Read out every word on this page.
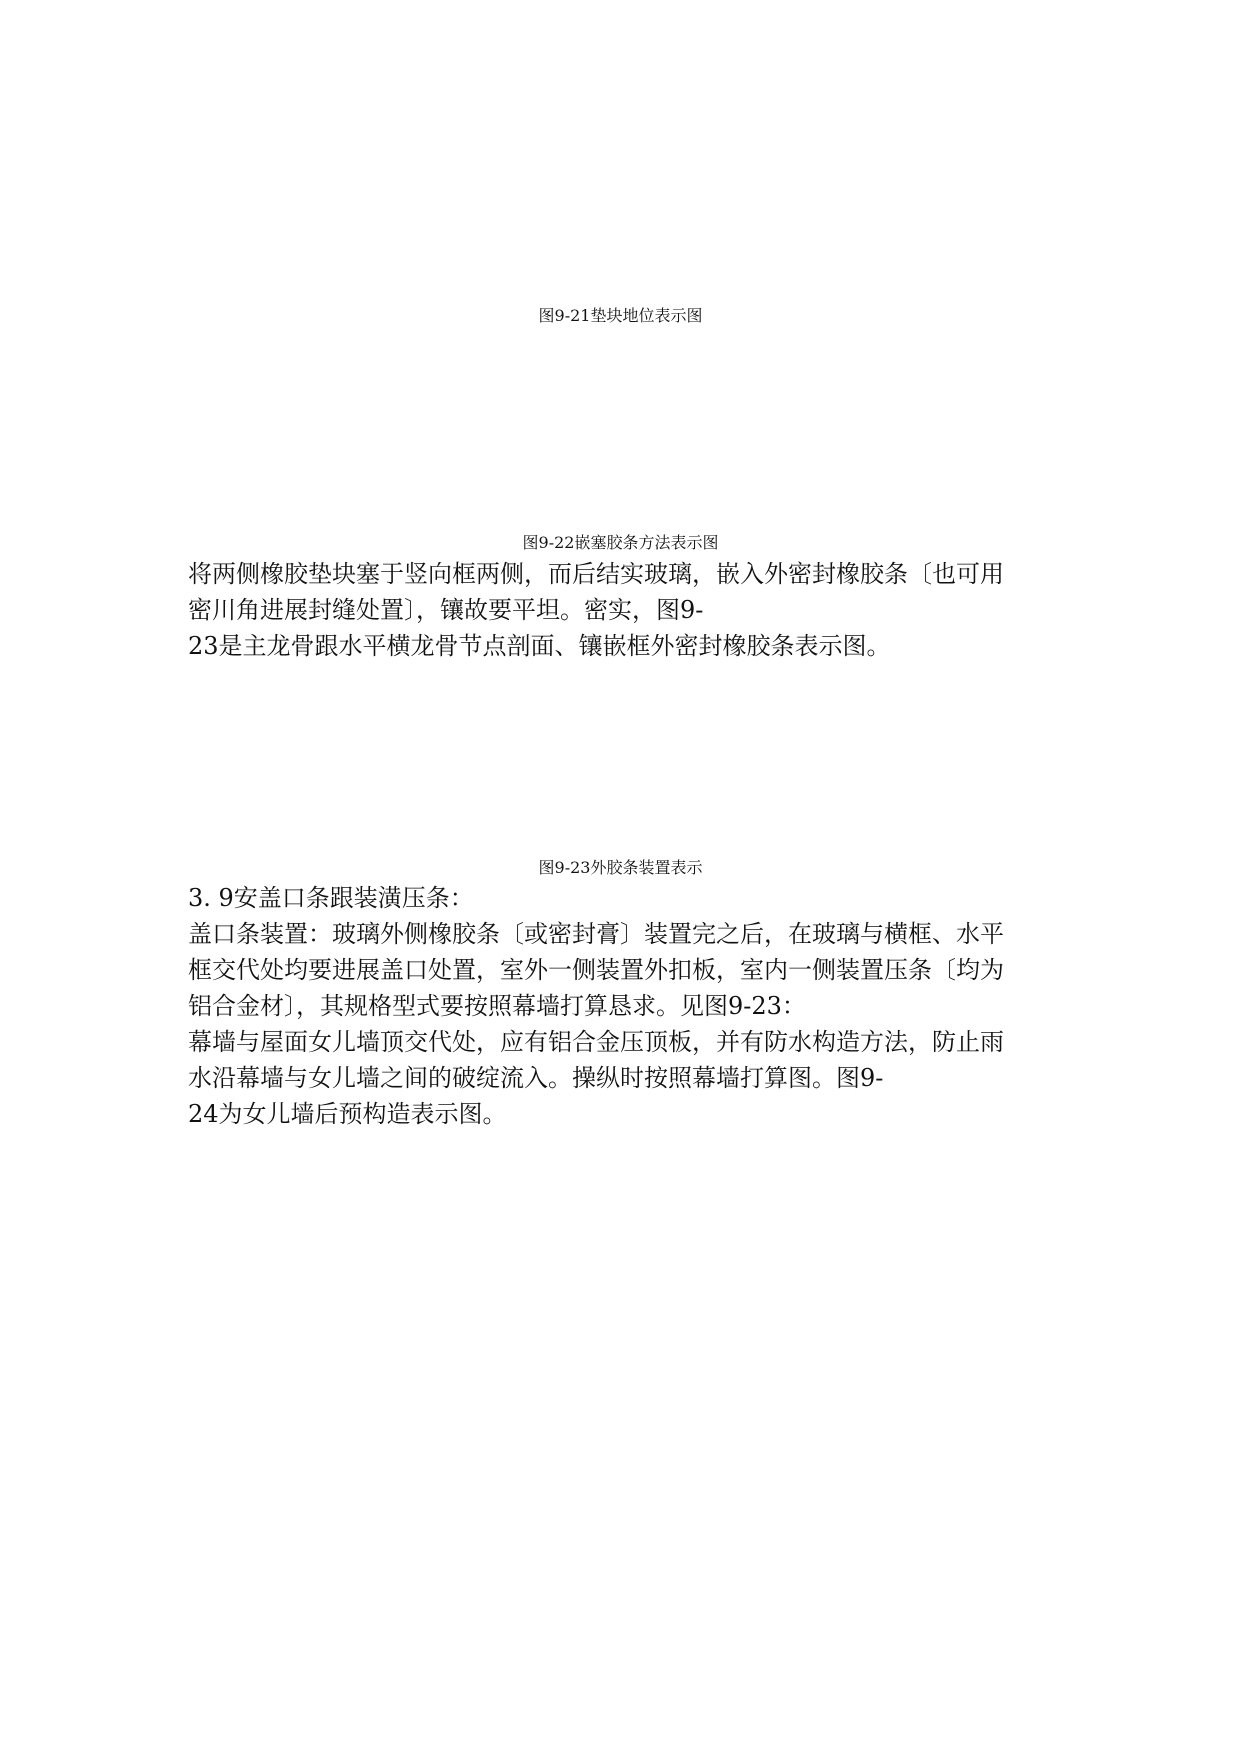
图9-21垫块地位表示图
图9-22嵌塞胶条方法表示图
将两侧橡胶垫块塞于竖向框两侧，而后结实玻璃，嵌入外密封橡胶条〔也可用
密川角进展封缝处置〕，镶故要平坦。密实，图9-
23是主龙骨跟水平横龙骨节点剖面、镶嵌框外密封橡胶条表示图。
图9-23外胶条装置表示
3. 9安盖口条跟装潢压条：
盖口条装置：玻璃外侧橡胶条〔或密封膏〕装置完之后，在玻璃与横框、水平
框交代处均要进展盖口处置，室外一侧装置外扣板，室内一侧装置压条〔均为
铝合金材〕，其规格型式要按照幕墙打算恳求。见图9-23：
幕墙与屋面女儿墙顶交代处，应有铝合金压顶板，并有防水构造方法，防止雨
水沿幕墙与女儿墙之间的破绽流入。操纵时按照幕墙打算图。图9-
24为女儿墙后预构造表示图。
